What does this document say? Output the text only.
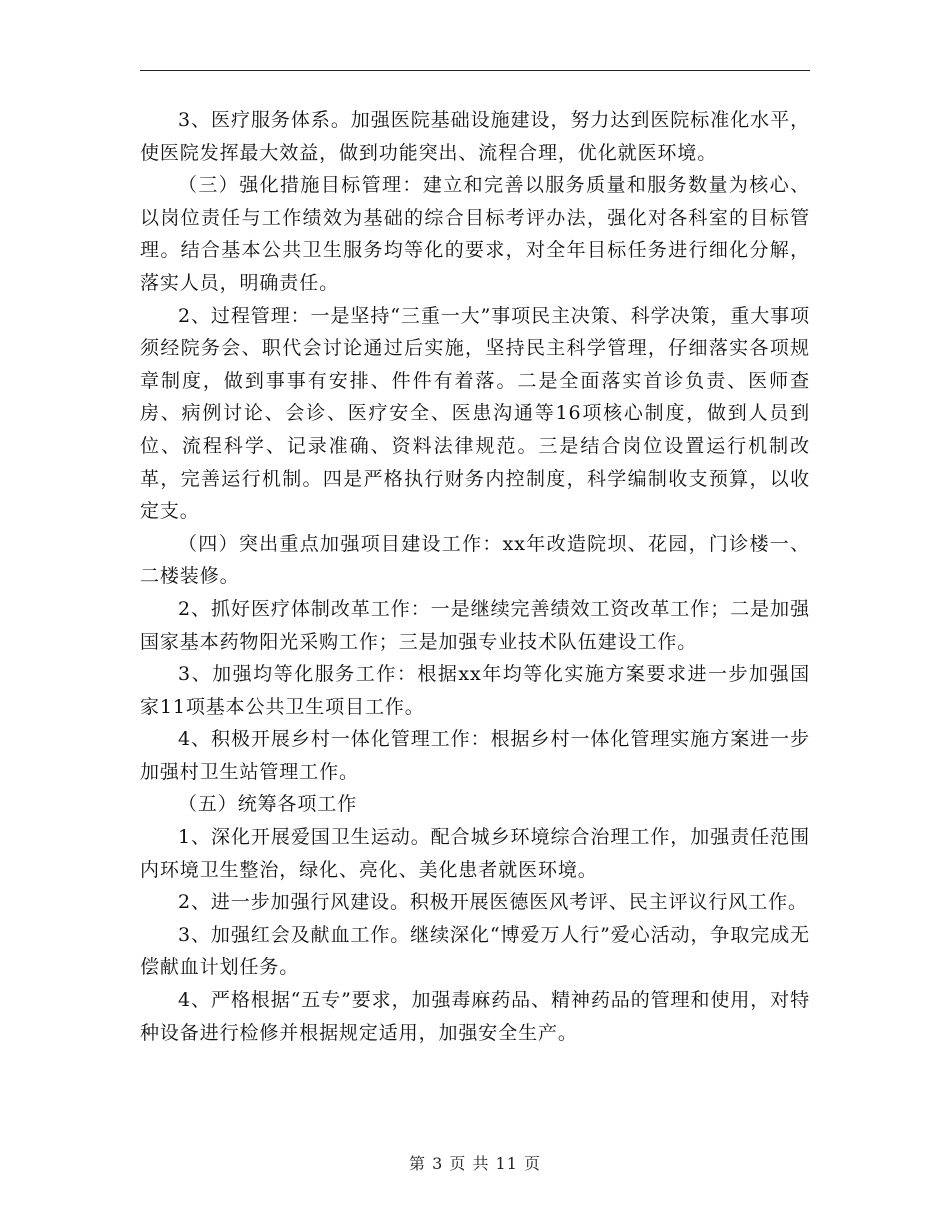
3、医疗服务体系。加强医院基础设施建设，努力达到医院标准化水平，使医院发挥最大效益，做到功能突出、流程合理，优化就医环境。

（三）强化措施目标管理：建立和完善以服务质量和服务数量为核心、以岗位责任与工作绩效为基础的综合目标考评办法，强化对各科室的目标管理。结合基本公共卫生服务均等化的要求，对全年目标任务进行细化分解，落实人员，明确责任。

2、过程管理：一是坚持“三重一大”事项民主决策、科学决策，重大事项须经院务会、职代会讨论通过后实施，坚持民主科学管理，仔细落实各项规章制度，做到事事有安排、件件有着落。二是全面落实首诊负责、医师查房、病例讨论、会诊、医疗安全、医患沟通等16项核心制度，做到人员到位、流程科学、记录准确、资料法律规范。三是结合岗位设置运行机制改革，完善运行机制。四是严格执行财务内控制度，科学编制收支预算，以收定支。

（四）突出重点加强项目建设工作：xx年改造院坝、花园，门诊楼一、二楼装修。

2、抓好医疗体制改革工作：一是继续完善绩效工资改革工作；二是加强国家基本药物阳光采购工作；三是加强专业技术队伍建设工作。

3、加强均等化服务工作：根据xx年均等化实施方案要求进一步加强国家11项基本公共卫生项目工作。

4、积极开展乡村一体化管理工作：根据乡村一体化管理实施方案进一步加强村卫生站管理工作。

（五）统筹各项工作

1、深化开展爱国卫生运动。配合城乡环境综合治理工作，加强责任范围内环境卫生整治，绿化、亮化、美化患者就医环境。

2、进一步加强行风建设。积极开展医德医风考评、民主评议行风工作。

3、加强红会及献血工作。继续深化“博爱万人行”爱心活动，争取完成无偿献血计划任务。

4、严格根据“五专”要求，加强毒麻药品、精神药品的管理和使用，对特种设备进行检修并根据规定适用，加强安全生产。

第 3 页 共 11 页
